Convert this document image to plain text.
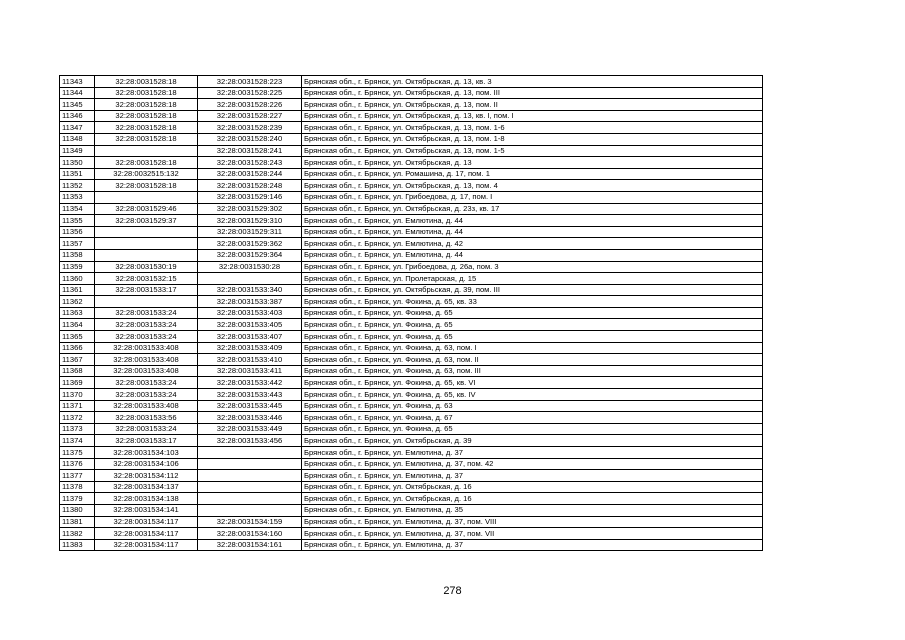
11343	32:28:0031528:18	32:28:0031528:223	Брянская обл., г. Брянск, ул. Октябрьская, д. 13, кв. 3
11344	32:28:0031528:18	32:28:0031528:225	Брянская обл., г. Брянск, ул. Октябрьская, д. 13, пом. III
11345	32:28:0031528:18	32:28:0031528:226	Брянская обл., г. Брянск, ул. Октябрьская, д. 13, пом. II
11346	32:28:0031528:18	32:28:0031528:227	Брянская обл., г. Брянск, ул. Октябрьская, д. 13, кв. I, пом. I
11347	32:28:0031528:18	32:28:0031528:239	Брянская обл., г. Брянск, ул. Октябрьская, д. 13, пом. 1-6
11348	32:28:0031528:18	32:28:0031528:240	Брянская обл., г. Брянск, ул. Октябрьская, д. 13, пом. 1-8
11349		32:28:0031528:241	Брянская обл., г. Брянск, ул. Октябрьская, д. 13, пом. 1-5
11350	32:28:0031528:18	32:28:0031528:243	Брянская обл., г. Брянск, ул. Октябрьская, д. 13
11351	32:28:0032515:132	32:28:0031528:244	Брянская обл., г. Брянск, ул. Ромашина, д. 17, пом. 1
11352	32:28:0031528:18	32:28:0031528:248	Брянская обл., г. Брянск, ул. Октябрьская, д. 13, пом. 4
11353		32:28:0031529:146	Брянская обл., г. Брянск, ул. Грибоедова, д. 17, пом. I
11354	32:28:0031529:46	32:28:0031529:302	Брянская обл., г. Брянск, ул. Октябрьская, д. 23з, кв. 17
11355	32:28:0031529:37	32:28:0031529:310	Брянская обл., г. Брянск, ул. Емлютина, д. 44
11356		32:28:0031529:311	Брянская обл., г. Брянск, ул. Емлютина, д. 44
11357		32:28:0031529:362	Брянская обл., г. Брянск, ул. Емлютина, д. 42
11358		32:28:0031529:364	Брянская обл., г. Брянск, ул. Емлютина, д. 44
11359	32:28:0031530:19	32:28:0031530:28	Брянская обл., г. Брянск, ул. Грибоедова, д. 26а, пом. 3
11360	32:28:0031532:15		Брянская обл., г. Брянск, ул. Пролетарская, д. 15
11361	32:28:0031533:17	32:28:0031533:340	Брянская обл., г. Брянск, ул. Октябрьская, д. 39, пом. III
11362		32:28:0031533:387	Брянская обл., г. Брянск, ул. Фокина, д. 65, кв. 33
11363	32:28:0031533:24	32:28:0031533:403	Брянская обл., г. Брянск, ул. Фокина, д. 65
11364	32:28:0031533:24	32:28:0031533:405	Брянская обл., г. Брянск, ул. Фокина, д. 65
11365	32:28:0031533:24	32:28:0031533:407	Брянская обл., г. Брянск, ул. Фокина, д. 65
11366	32:28:0031533:408	32:28:0031533:409	Брянская обл., г. Брянск, ул. Фокина, д. 63, пом. I
11367	32:28:0031533:408	32:28:0031533:410	Брянская обл., г. Брянск, ул. Фокина, д. 63, пом. II
11368	32:28:0031533:408	32:28:0031533:411	Брянская обл., г. Брянск, ул. Фокина, д. 63, пом. III
11369	32:28:0031533:24	32:28:0031533:442	Брянская обл., г. Брянск, ул. Фокина, д. 65, кв. VI
11370	32:28:0031533:24	32:28:0031533:443	Брянская обл., г. Брянск, ул. Фокина, д. 65, кв. IV
11371	32:28:0031533:408	32:28:0031533:445	Брянская обл., г. Брянск, ул. Фокина, д. 63
11372	32:28:0031533:56	32:28:0031533:446	Брянская обл., г. Брянск, ул. Фокина, д. 67
11373	32:28:0031533:24	32:28:0031533:449	Брянская обл., г. Брянск, ул. Фокина, д. 65
11374	32:28:0031533:17	32:28:0031533:456	Брянская обл., г. Брянск, ул. Октябрьская, д. 39
11375	32:28:0031534:103		Брянская обл., г. Брянск, ул. Емлютина, д. 37
11376	32:28:0031534:106		Брянская обл., г. Брянск, ул. Емлютина, д. 37, пом. 42
11377	32:28:0031534:112		Брянская обл., г. Брянск, ул. Емлютина, д. 37
11378	32:28:0031534:137		Брянская обл., г. Брянск, ул. Октябрьская, д. 16
11379	32:28:0031534:138		Брянская обл., г. Брянск, ул. Октябрьская, д. 16
11380	32:28:0031534:141		Брянская обл., г. Брянск, ул. Емлютина, д. 35
11381	32:28:0031534:117	32:28:0031534:159	Брянская обл., г. Брянск, ул. Емлютина, д. 37, пом. VIII
11382	32:28:0031534:117	32:28:0031534:160	Брянская обл., г. Брянск, ул. Емлютина, д. 37, пом. VII
11383	32:28:0031534:117	32:28:0031534:161	Брянская обл., г. Брянск, ул. Емлютина, д. 37
278
